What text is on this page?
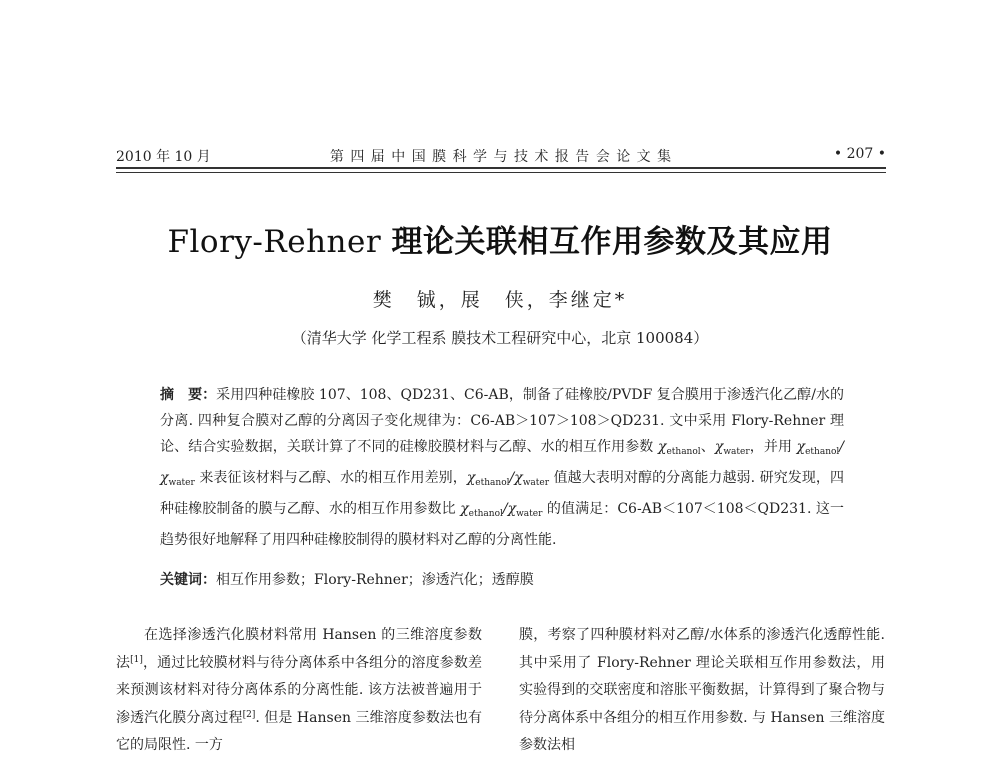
2010 年 10 月	第 四 届 中 国 膜 科 学 与 技 术 报 告 会 论 文 集	• 207 •
Flory-Rehner 理论关联相互作用参数及其应用
樊　铖，展　侠，李继定*
（清华大学 化学工程系 膜技术工程研究中心，北京 100084）

摘　要：采用四种硅橡胶 107、108、QD231、C6-AB，制备了硅橡胶/PVDF 复合膜用于渗透汽化乙醇/水的分离. 四种复合膜对乙醇的分离因子变化规律为：C6-AB＞107＞108＞QD231. 文中采用 Flory-Rehner 理论、结合实验数据，关联计算了不同的硅橡胶膜材料与乙醇、水的相互作用参数 $\chi_{ethanol}$、$\chi_{water}$，并用 $\chi_{ethanol}/\chi_{water}$ 来表征该材料与乙醇、水的相互作用差别，$\chi_{ethanol}/\chi_{water}$ 值越大表明对醇的分离能力越弱. 研究发现，四种硅橡胶制备的膜与乙醇、水的相互作用参数比 $\chi_{ethanol}/\chi_{water}$ 的值满足：C6-AB＜107＜108＜QD231. 这一趋势很好地解释了用四种硅橡胶制得的膜材料对乙醇的分离性能.

关键词：相互作用参数；Flory-Rehner；渗透汽化；透醇膜

在选择渗透汽化膜材料常用 Hansen 的三维溶度参数法[1]，通过比较膜材料与待分离体系中各组分的溶度参数差来预测该材料对待分离体系的分离性能. 该方法被普遍用于渗透汽化膜分离过程[2]. 但是 Hansen 三维溶度参数法也有它的局限性. 一方

膜，考察了四种膜材料对乙醇/水体系的渗透汽化透醇性能. 其中采用了 Flory-Rehner 理论关联相互作用参数法，用实验得到的交联密度和溶胀平衡数据，计算得到了聚合物与待分离体系中各组分的相互作用参数. 与 Hansen 三维溶度参数法相
